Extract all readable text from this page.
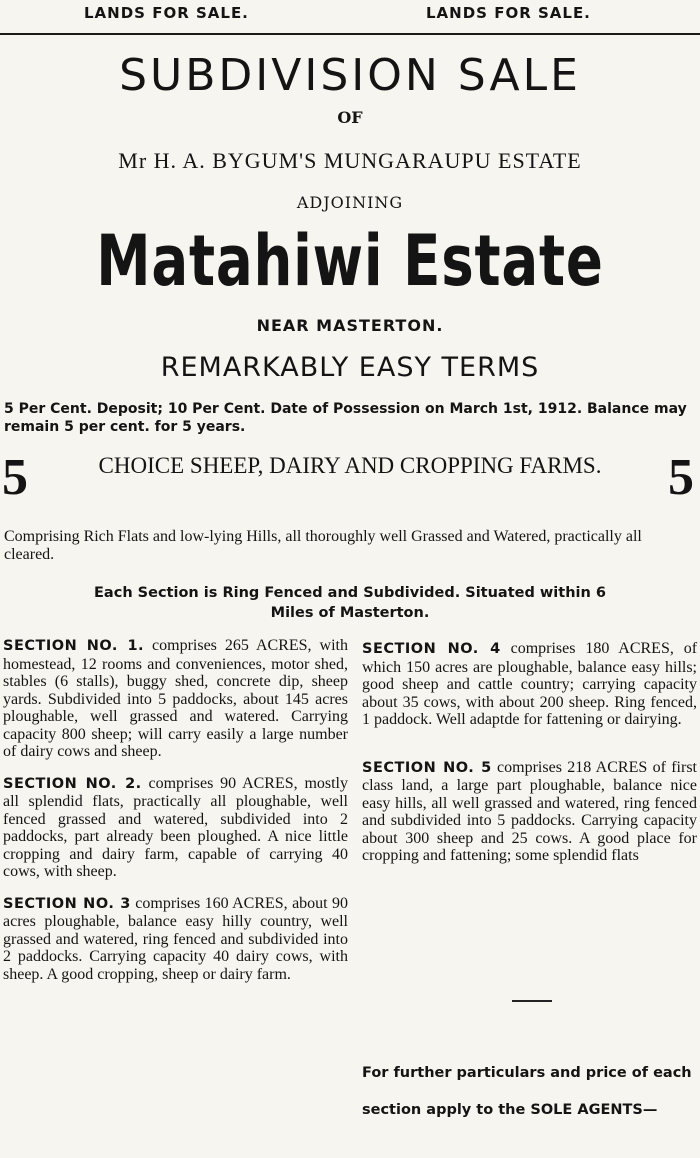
LANDS FOR SALE.	LANDS FOR SALE.
SUBDIVISION SALE
OF
Mr H. A. BYGUM'S MUNGARAUPU ESTATE
ADJOINING
Matahiwi Estate
NEAR MASTERTON.
REMARKABLY EASY TERMS
5 Per Cent. Deposit; 10 Per Cent. Date of Possession on March 1st, 1912. Balance may remain 5 per cent. for 5 years.
5	CHOICE SHEEP, DAIRY AND CROPPING FARMS.	5
Comprising Rich Flats and low-lying Hills, all thoroughly well Grassed and Watered, practically all cleared.
Each Section is Ring Fenced and Subdivided. Situated within 6
Miles of Masterton.

SECTION NO. 1. comprises 265 ACRES, with homestead, 12 rooms and conveniences, motor shed, stables (6 stalls), buggy shed, concrete dip, sheep yards. Subdivided into 5 paddocks, about 145 acres ploughable, well grassed and watered. Carrying capacity 800 sheep; will carry easily a large number of dairy cows and sheep.

SECTION NO. 2. comprises 90 ACRES, mostly all splendid flats, practically all ploughable, well fenced grassed and watered, subdivided into 2 paddocks, part already been ploughed. A nice little cropping and dairy farm, capable of carrying 40 cows, with sheep.

SECTION NO. 3 comprises 160 ACRES, about 90 acres ploughable, balance easy hilly country, well grassed and watered, ring fenced and subdivided into 2 paddocks. Carrying capacity 40 dairy cows, with sheep. A good cropping, sheep or dairy farm.

SECTION NO. 4 comprises 180 ACRES, of which 150 acres are ploughable, balance easy hills; good sheep and cattle country; carrying capacity about 35 cows, with about 200 sheep. Ring fenced, 1 paddock. Well adaptde for fattening or dairying.

SECTION NO. 5 comprises 218 ACRES of first class land, a large part ploughable, balance nice easy hills, all well grassed and watered, ring fenced and subdivided into 5 paddocks. Carrying capacity about 300 sheep and 25 cows. A good place for cropping and fattening; some splendid flats

For further particulars and price of each section apply to the SOLE AGENTS—
